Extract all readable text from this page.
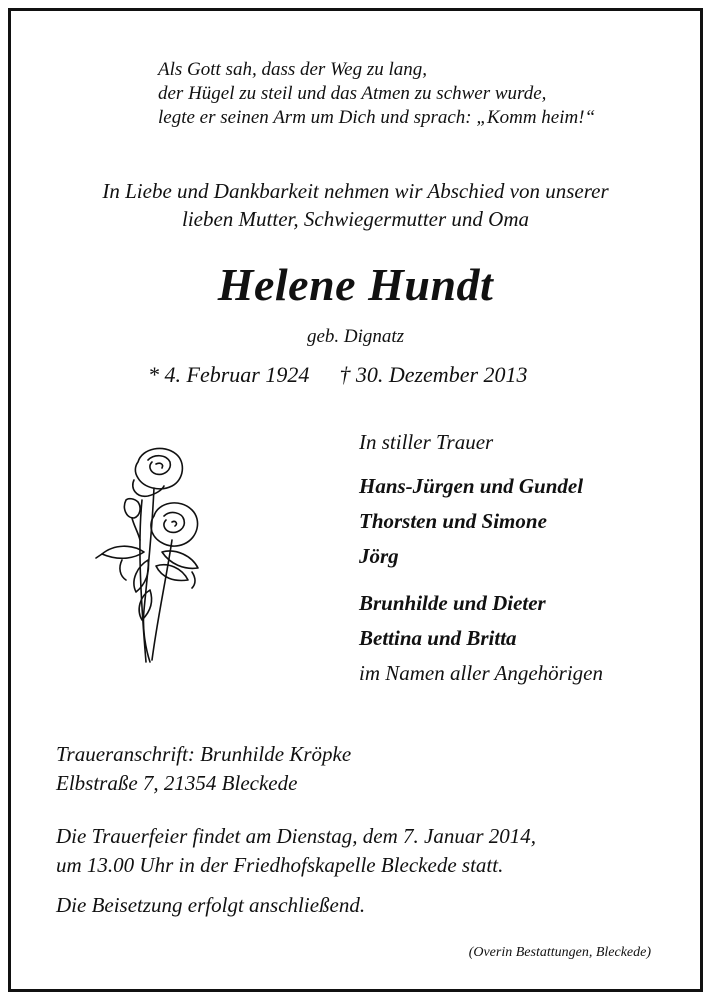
Als Gott sah, dass der Weg zu lang,
der Hügel zu steil und das Atmen zu schwer wurde,
legte er seinen Arm um Dich und sprach: „Komm heim!“
In Liebe und Dankbarkeit nehmen wir Abschied von unserer
lieben Mutter, Schwiegermutter und Oma
Helene Hundt
geb. Dignatz
* 4. Februar 1924 † 30. Dezember 2013
In stiller Trauer
Hans-Jürgen und Gundel
Thorsten und Simone
Jörg
Brunhilde und Dieter
Bettina und Britta
im Namen aller Angehörigen
Traueranschrift: Brunhilde Kröpke
Elbstraße 7, 21354 Bleckede
Die Trauerfeier findet am Dienstag, dem 7. Januar 2014,
um 13.00 Uhr in der Friedhofskapelle Bleckede statt.
Die Beisetzung erfolgt anschließend.
(Overin Bestattungen, Bleckede)
